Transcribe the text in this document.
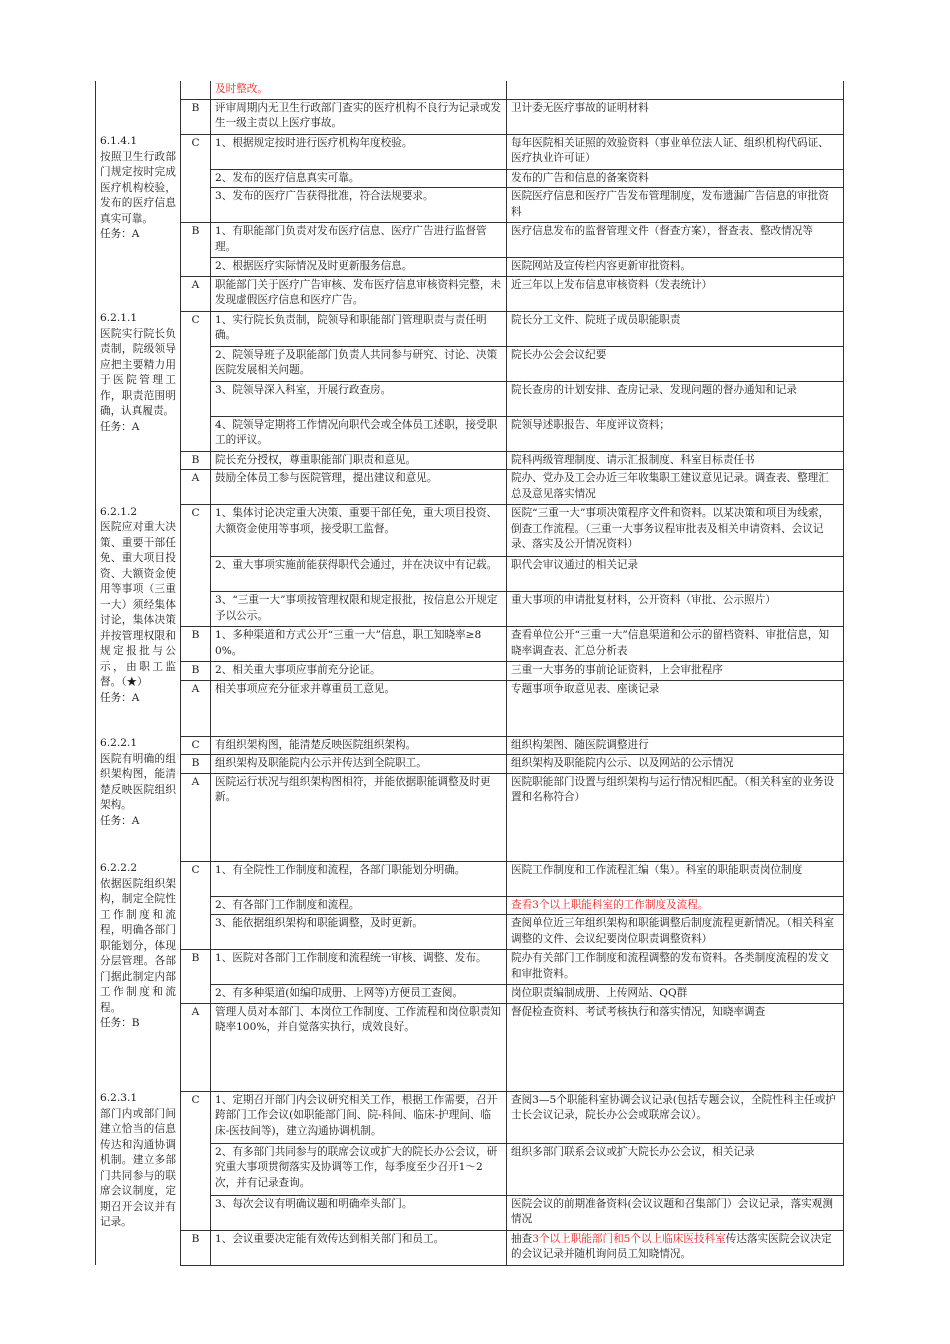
		及时整改。	
	B	评审周期内无卫生行政部门查实的医疗机构不良行为记录或发生一级主责以上医疗事故。	卫计委无医疗事故的证明材料

6.1.4.1
按照卫生行政部门规定按时完成医疗机构校验，发布的医疗信息真实可靠。
任务：A	C	1、根据规定按时进行医疗机构年度校验。	每年医院相关证照的效验资料（事业单位法人证、组织机构代码证、医疗执业许可证）
		2、发布的医疗信息真实可靠。	发布的广告和信息的备案资料
		3、发布的医疗广告获得批准，符合法规要求。	医院医疗信息和医疗广告发布管理制度，发布遗漏广告信息的审批资料
	B	1、有职能部门负责对发布医疗信息、医疗广告进行监督管理。	医疗信息发布的监督管理文件（督查方案），督查表、整改情况等
		2、根据医疗实际情况及时更新服务信息。	医院网站及宣传栏内容更新审批资料。
	A	职能部门关于医疗广告审核、发布医疗信息审核资料完整，未发现虚假医疗信息和医疗广告。	近三年以上发布信息审核资料（发表统计）

6.2.1.1
医院实行院长负责制，院级领导应把主要精力用于医院管理工作，职责范围明确，认真履责。
任务：A	C	1、实行院长负责制，院领导和职能部门管理职责与责任明确。	院长分工文件、院班子成员职能职责
		2、院领导班子及职能部门负责人共同参与研究、讨论、决策医院发展相关问题。	院长办公会会议纪要
		3、院领导深入科室，开展行政查房。	院长查房的计划安排、查房记录、发现问题的督办通知和记录
		4、院领导定期将工作情况向职代会或全体员工述职，接受职工的评议。	院领导述职报告、年度评议资料；
	B	院长充分授权，尊重职能部门职责和意见。	院科两级管理制度、请示汇报制度、科室目标责任书
	A	鼓励全体员工参与医院管理，提出建议和意见。	院办、党办及工会办近三年收集职工建议意见记录。调查表、整理汇总及意见落实情况

6.2.1.2
医院应对重大决策、重要干部任免、重大项目投资、大额资金使用等事项（三重一大）须经集体讨论，集体决策并按管理权限和规定报批与公示，由职工监督。（★）
任务：A	C	1、集体讨论决定重大决策、重要干部任免，重大项目投资、大额资金使用等事项，接受职工监督。	医院“三重一大”事项决策程序文件和资料。以某决策和项目为线索，倒查工作流程。（三重一大事务议程审批表及相关申请资料、会议记录、落实及公开情况资料）
		2、重大事项实施前能获得职代会通过，并在决议中有记载。	职代会审议通过的相关记录
		3、“三重一大”事项按管理权限和规定报批，按信息公开规定予以公示。	重大事项的申请批复材料，公开资料（审批、公示照片）
	B	1、多种渠道和方式公开“三重一大”信息，职工知晓率≥80%。	查看单位公开“三重一大”信息渠道和公示的留档资料、审批信息，知晓率调查表、汇总分析表
	B	2、相关重大事项应事前充分论证。	三重一大事务的事前论证资料，上会审批程序
	A	相关事项应充分征求并尊重员工意见。	专题事项争取意见表、座谈记录

6.2.2.1
医院有明确的组织架构图，能清楚反映医院组织架构。
任务：A	C	有组织架构图，能清楚反映医院组织架构。	组织构架图、随医院调整进行
	B	组织架构及职能院内公示并传达到全院职工。	组织架构及职能院内公示、以及网站的公示情况
	A	医院运行状况与组织架构图相符，并能依据职能调整及时更新。	医院职能部门设置与组织架构与运行情况相匹配。（相关科室的业务设置和名称符合）

6.2.2.2
依据医院组织架构，制定全院性工作制度和流程，明确各部门职能划分，体现分层管理。各部门据此制定内部工作制度和流程。
任务：B	C	1、有全院性工作制度和流程，各部门职能划分明确。	医院工作制度和工作流程汇编（集）。科室的职能职责岗位制度
		2、有各部门工作制度和流程。	查看3个以上职能科室的工作制度及流程。
		3、能依据组织架构和职能调整，及时更新。	查阅单位近三年组织架构和职能调整后制度流程更新情况。（相关科室调整的文件、会议纪要岗位职责调整资料）
	B	1、医院对各部门工作制度和流程统一审核、调整、发布。	院办有关部门工作制度和流程调整的发布资料。各类制度流程的发文和审批资料。
		2、有多种渠道(如编印成册、上网等)方便员工查阅。	岗位职责编制成册、上传网站、QQ群
	A	管理人员对本部门、本岗位工作制度、工作流程和岗位职责知晓率100%，并自觉落实执行，成效良好。	督促检查资料、考试考核执行和落实情况，知晓率调查

6.2.3.1
部门内或部门间建立恰当的信息传达和沟通协调机制。建立多部门共同参与的联席会议制度，定期召开会议并有记录。	C	1、定期召开部门内会议研究相关工作，根据工作需要，召开跨部门工作会议(如职能部门间、院-科间、临床-护理间、临床-医技间等)，建立沟通协调机制。	查阅3—5个职能科室协调会议记录(包括专题会议，全院性科主任或护士长会议记录，院长办公会或联席会议）。
		2、有多部门共同参与的联席会议或扩大的院长办公会议，研究重大事项贯彻落实及协调等工作，每季度至少召开1～2次，并有记录查询。	组织多部门联系会议或扩大院长办公会议，相关记录
		3、每次会议有明确议题和明确牵头部门。	医院会议的前期准备资料(会议议题和召集部门）会议记录，落实观测情况
	B	1、会议重要决定能有效传达到相关部门和员工。	抽查3个以上职能部门和5个以上临床医技科室传达落实医院会议决定的会议记录并随机询问员工知晓情况。
